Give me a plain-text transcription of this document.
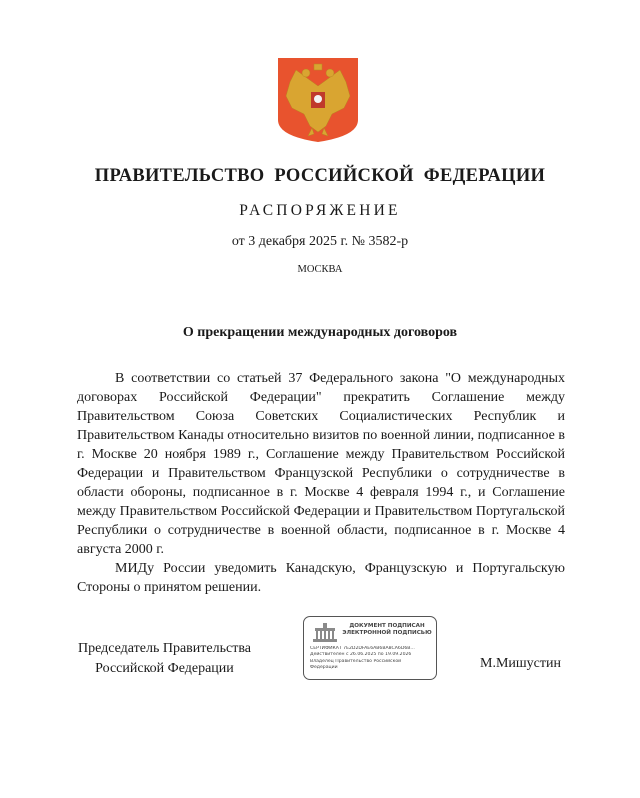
ПРАВИТЕЛЬСТВО РОССИЙСКОЙ ФЕДЕРАЦИИ
РАСПОРЯЖЕНИЕ
от 3 декабря 2025 г. № 3582-р
МОСКВА
О прекращении международных договоров

В соответствии со статьей 37 Федерального закона "О международных договорах Российской Федерации" прекратить Соглашение между Правительством Союза Советских Социалистических Республик и Правительством Канады относительно визитов по военной линии, подписанное в г. Москве 20 ноября 1989 г., Соглашение между Правительством Российской Федерации и Правительством Французской Республики о сотрудничестве в области обороны, подписанное в г. Москве 4 февраля 1994 г., и Соглашение между Правительством Российской Федерации и Правительством Португальской Республики о сотрудничестве в военной области, подписанное в г. Москве 4 августа 2000 г.

МИДу России уведомить Канадскую, Французскую и Португальскую Стороны о принятом решении.

Председатель Правительства
Российской Федерации
ДОКУМЕНТ ПОДПИСАН
ЭЛЕКТРОННОЙ ПОДПИСЬЮ
СЕРТИФИКАТ 7E2D2DFAE6AB6BA8CA6D6B...
Действителен с 26.06.2025 по 19.09.2026
Владелец Правительство Российской
Федерации	М.Мишустин
